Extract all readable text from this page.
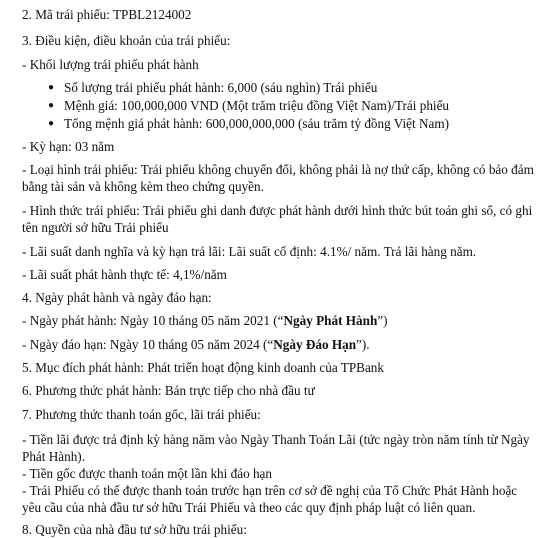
2. Mã trái phiếu: TPBL2124002
3. Điều kiện, điều khoản của trái phiếu:
- Khối lượng trái phiếu phát hành
● Số lượng trái phiếu phát hành: 6,000 (sáu nghìn) Trái phiếu
● Mệnh giá: 100,000,000 VND (Một trăm triệu đồng Việt Nam)/Trái phiếu
● Tổng mệnh giá phát hành: 600,000,000,000 (sáu trăm tỷ đồng Việt Nam)
- Kỳ hạn: 03 năm
- Loại hình trái phiếu: Trái phiếu không chuyển đổi, không phải là nợ thứ cấp, không có bảo đảm
bằng tài sản và không kèm theo chứng quyền.
- Hình thức trái phiếu: Trái phiếu ghi danh được phát hành dưới hình thức bút toán ghi sổ, có ghi
tên người sở hữu Trái phiếu
- Lãi suất danh nghĩa và kỳ hạn trả lãi: Lãi suất cố định: 4.1%/ năm. Trả lãi hàng năm.
- Lãi suất phát hành thực tế: 4,1%/năm
4. Ngày phát hành và ngày đáo hạn:
- Ngày phát hành: Ngày 10 tháng 05 năm 2021 (“Ngày Phát Hành”)
- Ngày đáo hạn: Ngày 10 tháng 05 năm 2024 (“Ngày Đáo Hạn”).
5. Mục đích phát hành: Phát triển hoạt động kinh doanh của TPBank
6. Phương thức phát hành: Bán trực tiếp cho nhà đầu tư
7. Phương thức thanh toán gốc, lãi trái phiếu:
- Tiền lãi được trả định kỳ hàng năm vào Ngày Thanh Toán Lãi (tức ngày tròn năm tính từ Ngày
Phát Hành).
- Tiền gốc được thanh toán một lần khi đáo hạn
- Trái Phiếu có thể được thanh toán trước hạn trên cơ sở đề nghị của Tổ Chức Phát Hành hoặc
yêu cầu của nhà đầu tư sở hữu Trái Phiếu và theo các quy định pháp luật có liên quan.
8. Quyền của nhà đầu tư sở hữu trái phiếu:
